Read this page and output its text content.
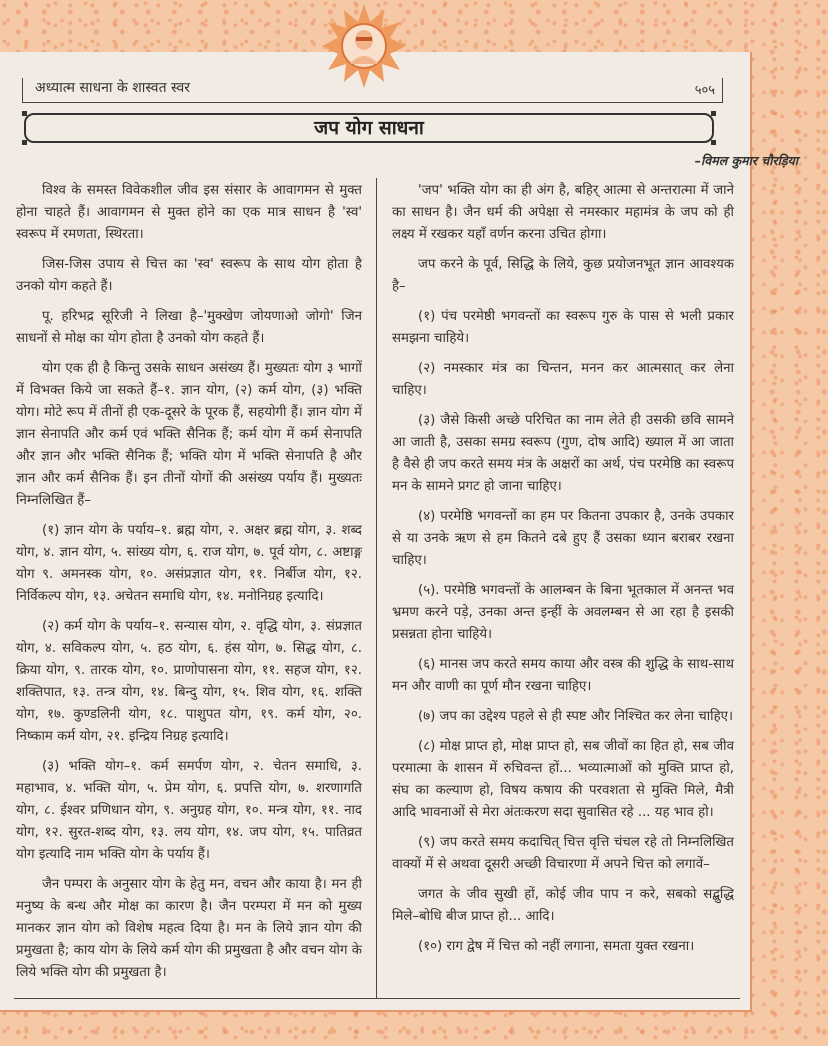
अध्यात्म साधना के शास्वत स्वर	५०५
जप योग साधना
–विमल कुमार चौरड़िया

विश्व के समस्त विवेकशील जीव इस संसार के आवागमन से मुक्त होना चाहते हैं। आवागमन से मुक्त होने का एक मात्र साधन है 'स्व' स्वरूप में रमणता, स्थिरता।

जिस-जिस उपाय से चित्त का 'स्व' स्वरूप के साथ योग होता है उनको योग कहते हैं।

पू. हरिभद्र सूरिजी ने लिखा है–'मुक्खेण जोयणाओ जोगो' जिन साधनों से मोक्ष का योग होता है उनको योग कहते हैं।

योग एक ही है किन्तु उसके साधन असंख्य हैं। मुख्यतः योग ३ भागों में विभक्त किये जा सकते हैं–१. ज्ञान योग, (२) कर्म योग, (३) भक्ति योग। मोटे रूप में तीनों ही एक-दूसरे के पूरक हैं, सहयोगी हैं। ज्ञान योग में ज्ञान सेनापति और कर्म एवं भक्ति सैनिक हैं; कर्म योग में कर्म सेनापति और ज्ञान और भक्ति सैनिक हैं; भक्ति योग में भक्ति सेनापति है और ज्ञान और कर्म सैनिक हैं। इन तीनों योगों की असंख्य पर्याय हैं। मुख्यतः निम्नलिखित हैं–

(१) ज्ञान योग के पर्याय–१. ब्रह्म योग, २. अक्षर ब्रह्म योग, ३. शब्द योग, ४. ज्ञान योग, ५. सांख्य योग, ६. राज योग, ७. पूर्व योग, ८. अष्टाङ्ग योग ९. अमनस्क योग, १०. असंप्रज्ञात योग, ११. निर्बीज योग, १२. निर्विकल्प योग, १३. अचेतन समाधि योग, १४. मनोनिग्रह इत्यादि।

(२) कर्म योग के पर्याय–१. सन्यास योग, २. वृद्धि योग, ३. संप्रज्ञात योग, ४. सविकल्प योग, ५. हठ योग, ६. हंस योग, ७. सिद्ध योग, ८. क्रिया योग, ९. तारक योग, १०. प्राणोपासना योग, ११. सहज योग, १२. शक्तिपात, १३. तन्त्र योग, १४. बिन्दु योग, १५. शिव योग, १६. शक्ति योग, १७. कुण्डलिनी योग, १८. पाशुपत योग, १९. कर्म योग, २०. निष्काम कर्म योग, २१. इन्द्रिय निग्रह इत्यादि।

(३) भक्ति योग–१. कर्म समर्पण योग, २. चेतन समाधि, ३. महाभाव, ४. भक्ति योग, ५. प्रेम योग, ६. प्रपत्ति योग, ७. शरणागति योग, ८. ईश्वर प्रणिधान योग, ९. अनुग्रह योग, १०. मन्त्र योग, ११. नाद योग, १२. सुरत-शब्द योग, १३. लय योग, १४. जप योग, १५. पातिव्रत योग इत्यादि नाम भक्ति योग के पर्याय हैं।

जैन पम्परा के अनुसार योग के हेतु मन, वचन और काया है। मन ही मनुष्य के बन्ध और मोक्ष का कारण है। जैन परम्परा में मन को मुख्य मानकर ज्ञान योग को विशेष महत्व दिया है। मन के लिये ज्ञान योग की प्रमुखता है; काय योग के लिये कर्म योग की प्रमुखता है और वचन योग के लिये भक्ति योग की प्रमुखता है।

'जप' भक्ति योग का ही अंग है, बहिर् आत्मा से अन्तरात्मा में जाने का साधन है। जैन धर्म की अपेक्षा से नमस्कार महामंत्र के जप को ही लक्ष्य में रखकर यहाँ वर्णन करना उचित होगा।

जप करने के पूर्व, सिद्धि के लिये, कुछ प्रयोजनभूत ज्ञान आवश्यक है–

(१) पंच परमेष्ठी भगवन्तों का स्वरूप गुरु के पास से भली प्रकार समझना चाहिये।

(२) नमस्कार मंत्र का चिन्तन, मनन कर आत्मसात् कर लेना चाहिए।

(३) जैसे किसी अच्छे परिचित का नाम लेते ही उसकी छवि सामने आ जाती है, उसका समग्र स्वरूप (गुण, दोष आदि) ख्याल में आ जाता है वैसे ही जप करते समय मंत्र के अक्षरों का अर्थ, पंच परमेष्ठि का स्वरूप मन के सामने प्रगट हो जाना चाहिए।

(४) परमेष्ठि भगवन्तों का हम पर कितना उपकार है, उनके उपकार से या उनके ऋण से हम कितने दबे हुए हैं उसका ध्यान बराबर रखना चाहिए।

(५). परमेष्ठि भगवन्तों के आलम्बन के बिना भूतकाल में अनन्त भव भ्रमण करने पड़े, उनका अन्त इन्हीं के अवलम्बन से आ रहा है इसकी प्रसन्नता होना चाहिये।

(६) मानस जप करते समय काया और वस्त्र की शुद्धि के साथ-साथ मन और वाणी का पूर्ण मौन रखना चाहिए।

(७) जप का उद्देश्य पहले से ही स्पष्ट और निश्चित कर लेना चाहिए।

(८) मोक्ष प्राप्त हो, मोक्ष प्राप्त हो, सब जीवों का हित हो, सब जीव परमात्मा के शासन में रुचिवन्त हों... भव्यात्माओं को मुक्ति प्राप्त हो, संघ का कल्याण हो, विषय कषाय की परवशता से मुक्ति मिले, मैत्री आदि भावनाओं से मेरा अंतःकरण सदा सुवासित रहे ... यह भाव हो।

(९) जप करते समय कदाचित् चित्त वृत्ति चंचल रहे तो निम्नलिखित वाक्यों में से अथवा दूसरी अच्छी विचारणा में अपने चित्त को लगावें–

जगत के जीव सुखी हों, कोई जीव पाप न करे, सबको सद्बुद्धि मिले–बोधि बीज प्राप्त हो... आदि।

(१०) राग द्वेष में चित्त को नहीं लगाना, समता युक्त रखना।
